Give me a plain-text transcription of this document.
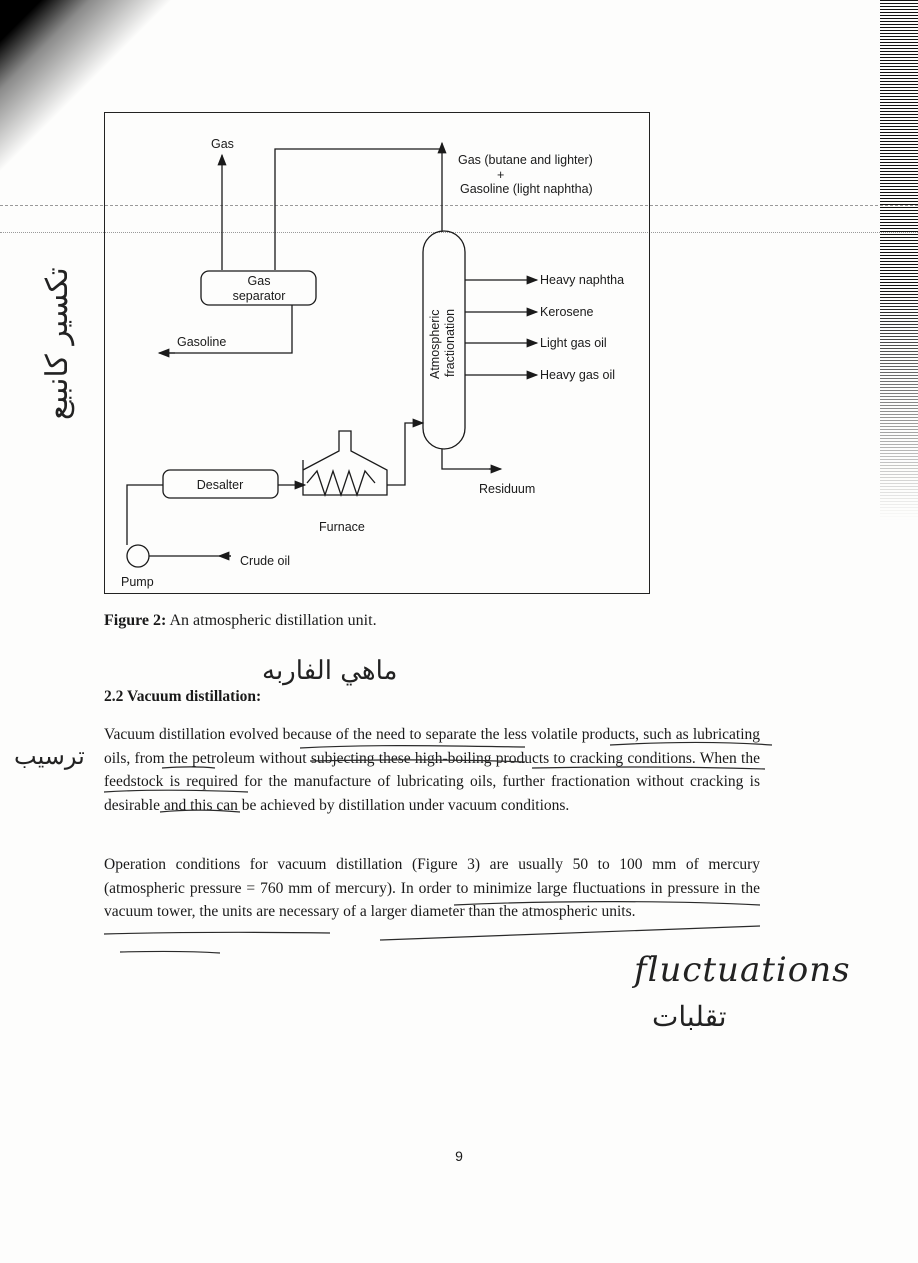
Gas
Gas (butane and lighter)
+
Gasoline (light naphtha)
Gas
separator
Gasoline	Atmospheric fractionation
Heavy naphtha
Kerosene
Light gas oil
Heavy gas oil
Desalter
Furnace
Residuum
Crude oil
Pump

Figure 2: An atmospheric distillation unit.

2.2 Vacuum distillation:

Vacuum distillation evolved because of the need to separate the less volatile products, such as lubricating oils, from the petroleum without subjecting these high-boiling products to cracking conditions. When the feedstock is required for the manufacture of lubricating oils, further fractionation without cracking is desirable and this can be achieved by distillation under vacuum conditions.

Operation conditions for vacuum distillation (Figure 3) are usually 50 to 100 mm of mercury (atmospheric pressure = 760 mm of mercury). In order to minimize large fluctuations in pressure in the vacuum tower, the units are necessary of a larger diameter than the atmospheric units.

ماهي الفاربه

ترسيب

تكسير كانبيع

fluctuations

تقلبات

9
